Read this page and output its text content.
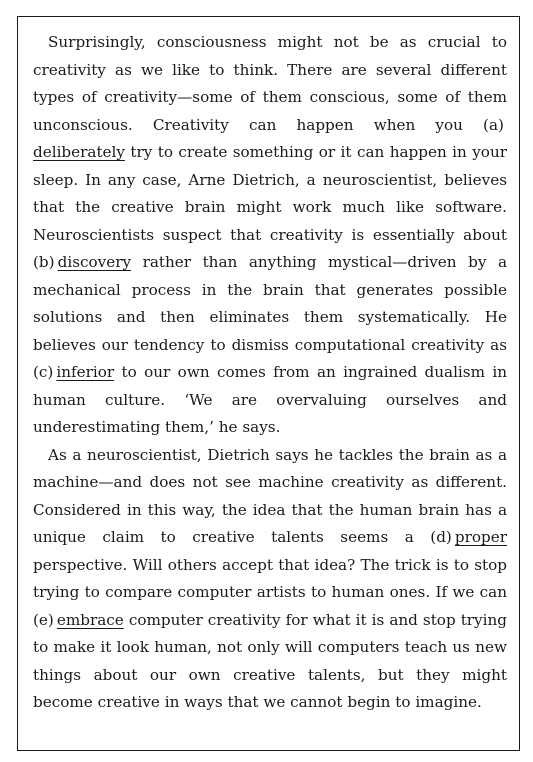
Surprisingly, consciousness might not be as crucial to creativity as we like to think. There are several different types of creativity—some of them conscious, some of them unconscious. Creativity can happen when you (a) deliberately try to create something or it can happen in your sleep. In any case, Arne Dietrich, a neuroscientist, believes that the creative brain might work much like software. Neuroscientists suspect that creativity is essentially about (b) discovery rather than anything mystical—driven by a mechanical process in the brain that generates possible solutions and then eliminates them systematically. He believes our tendency to dismiss computational creativity as (c) inferior to our own comes from an ingrained dualism in human culture. ‘We are overvaluing ourselves and underestimating them,’ he says.

As a neuroscientist, Dietrich says he tackles the brain as a machine—and does not see machine creativity as different. Considered in this way, the idea that the human brain has a unique claim to creative talents seems a (d) proper perspective. Will others accept that idea? The trick is to stop trying to compare computer artists to human ones. If we can (e) embrace computer creativity for what it is and stop trying to make it look human, not only will computers teach us new things about our own creative talents, but they might become creative in ways that we cannot begin to imagine.
